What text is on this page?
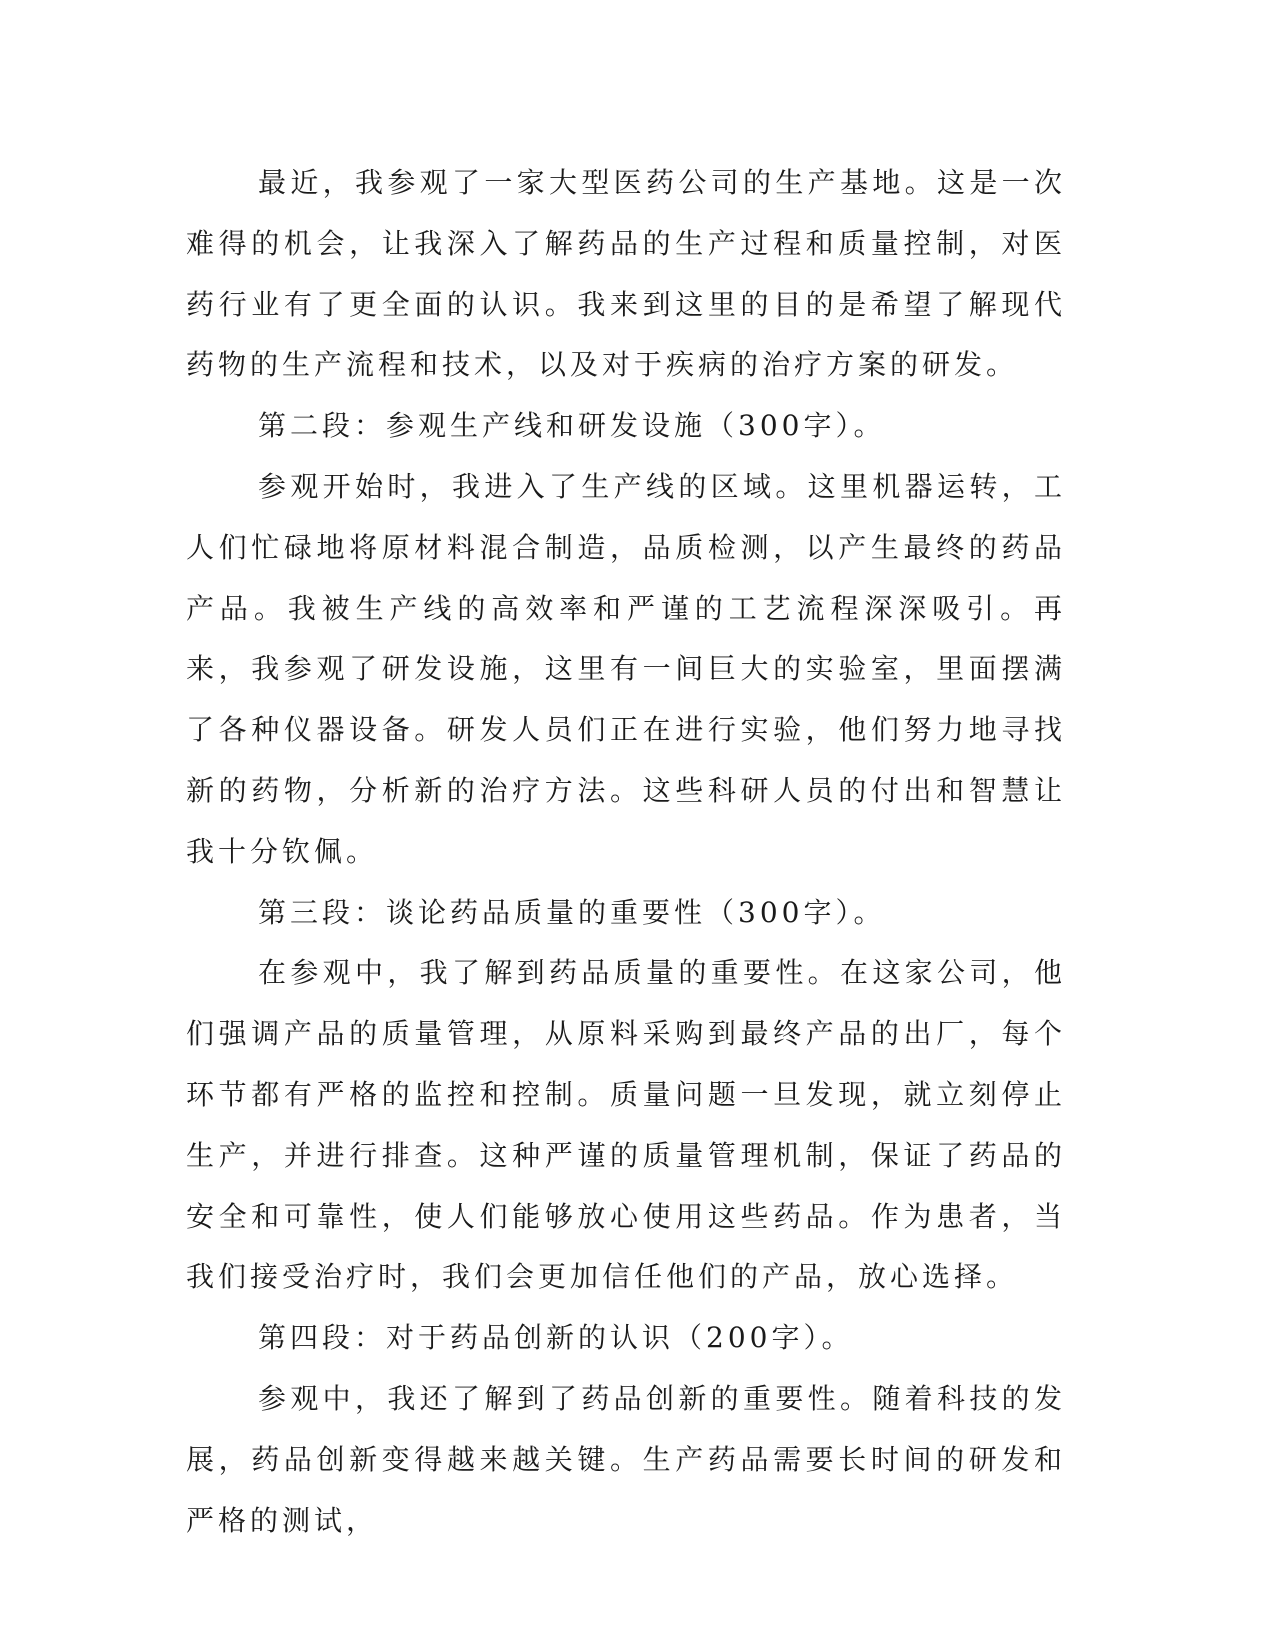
最近，我参观了一家大型医药公司的生产基地。这是一次难得的机会，让我深入了解药品的生产过程和质量控制，对医药行业有了更全面的认识。我来到这里的目的是希望了解现代药物的生产流程和技术，以及对于疾病的治疗方案的研发。

第二段：参观生产线和研发设施（300字）。

参观开始时，我进入了生产线的区域。这里机器运转，工人们忙碌地将原材料混合制造，品质检测，以产生最终的药品产品。我被生产线的高效率和严谨的工艺流程深深吸引。再来，我参观了研发设施，这里有一间巨大的实验室，里面摆满了各种仪器设备。研发人员们正在进行实验，他们努力地寻找新的药物，分析新的治疗方法。这些科研人员的付出和智慧让我十分钦佩。

第三段：谈论药品质量的重要性（300字）。

在参观中，我了解到药品质量的重要性。在这家公司，他们强调产品的质量管理，从原料采购到最终产品的出厂，每个环节都有严格的监控和控制。质量问题一旦发现，就立刻停止生产，并进行排查。这种严谨的质量管理机制，保证了药品的安全和可靠性，使人们能够放心使用这些药品。作为患者，当我们接受治疗时，我们会更加信任他们的产品，放心选择。

第四段：对于药品创新的认识（200字）。

参观中，我还了解到了药品创新的重要性。随着科技的发展，药品创新变得越来越关键。生产药品需要长时间的研发和严格的测试，
